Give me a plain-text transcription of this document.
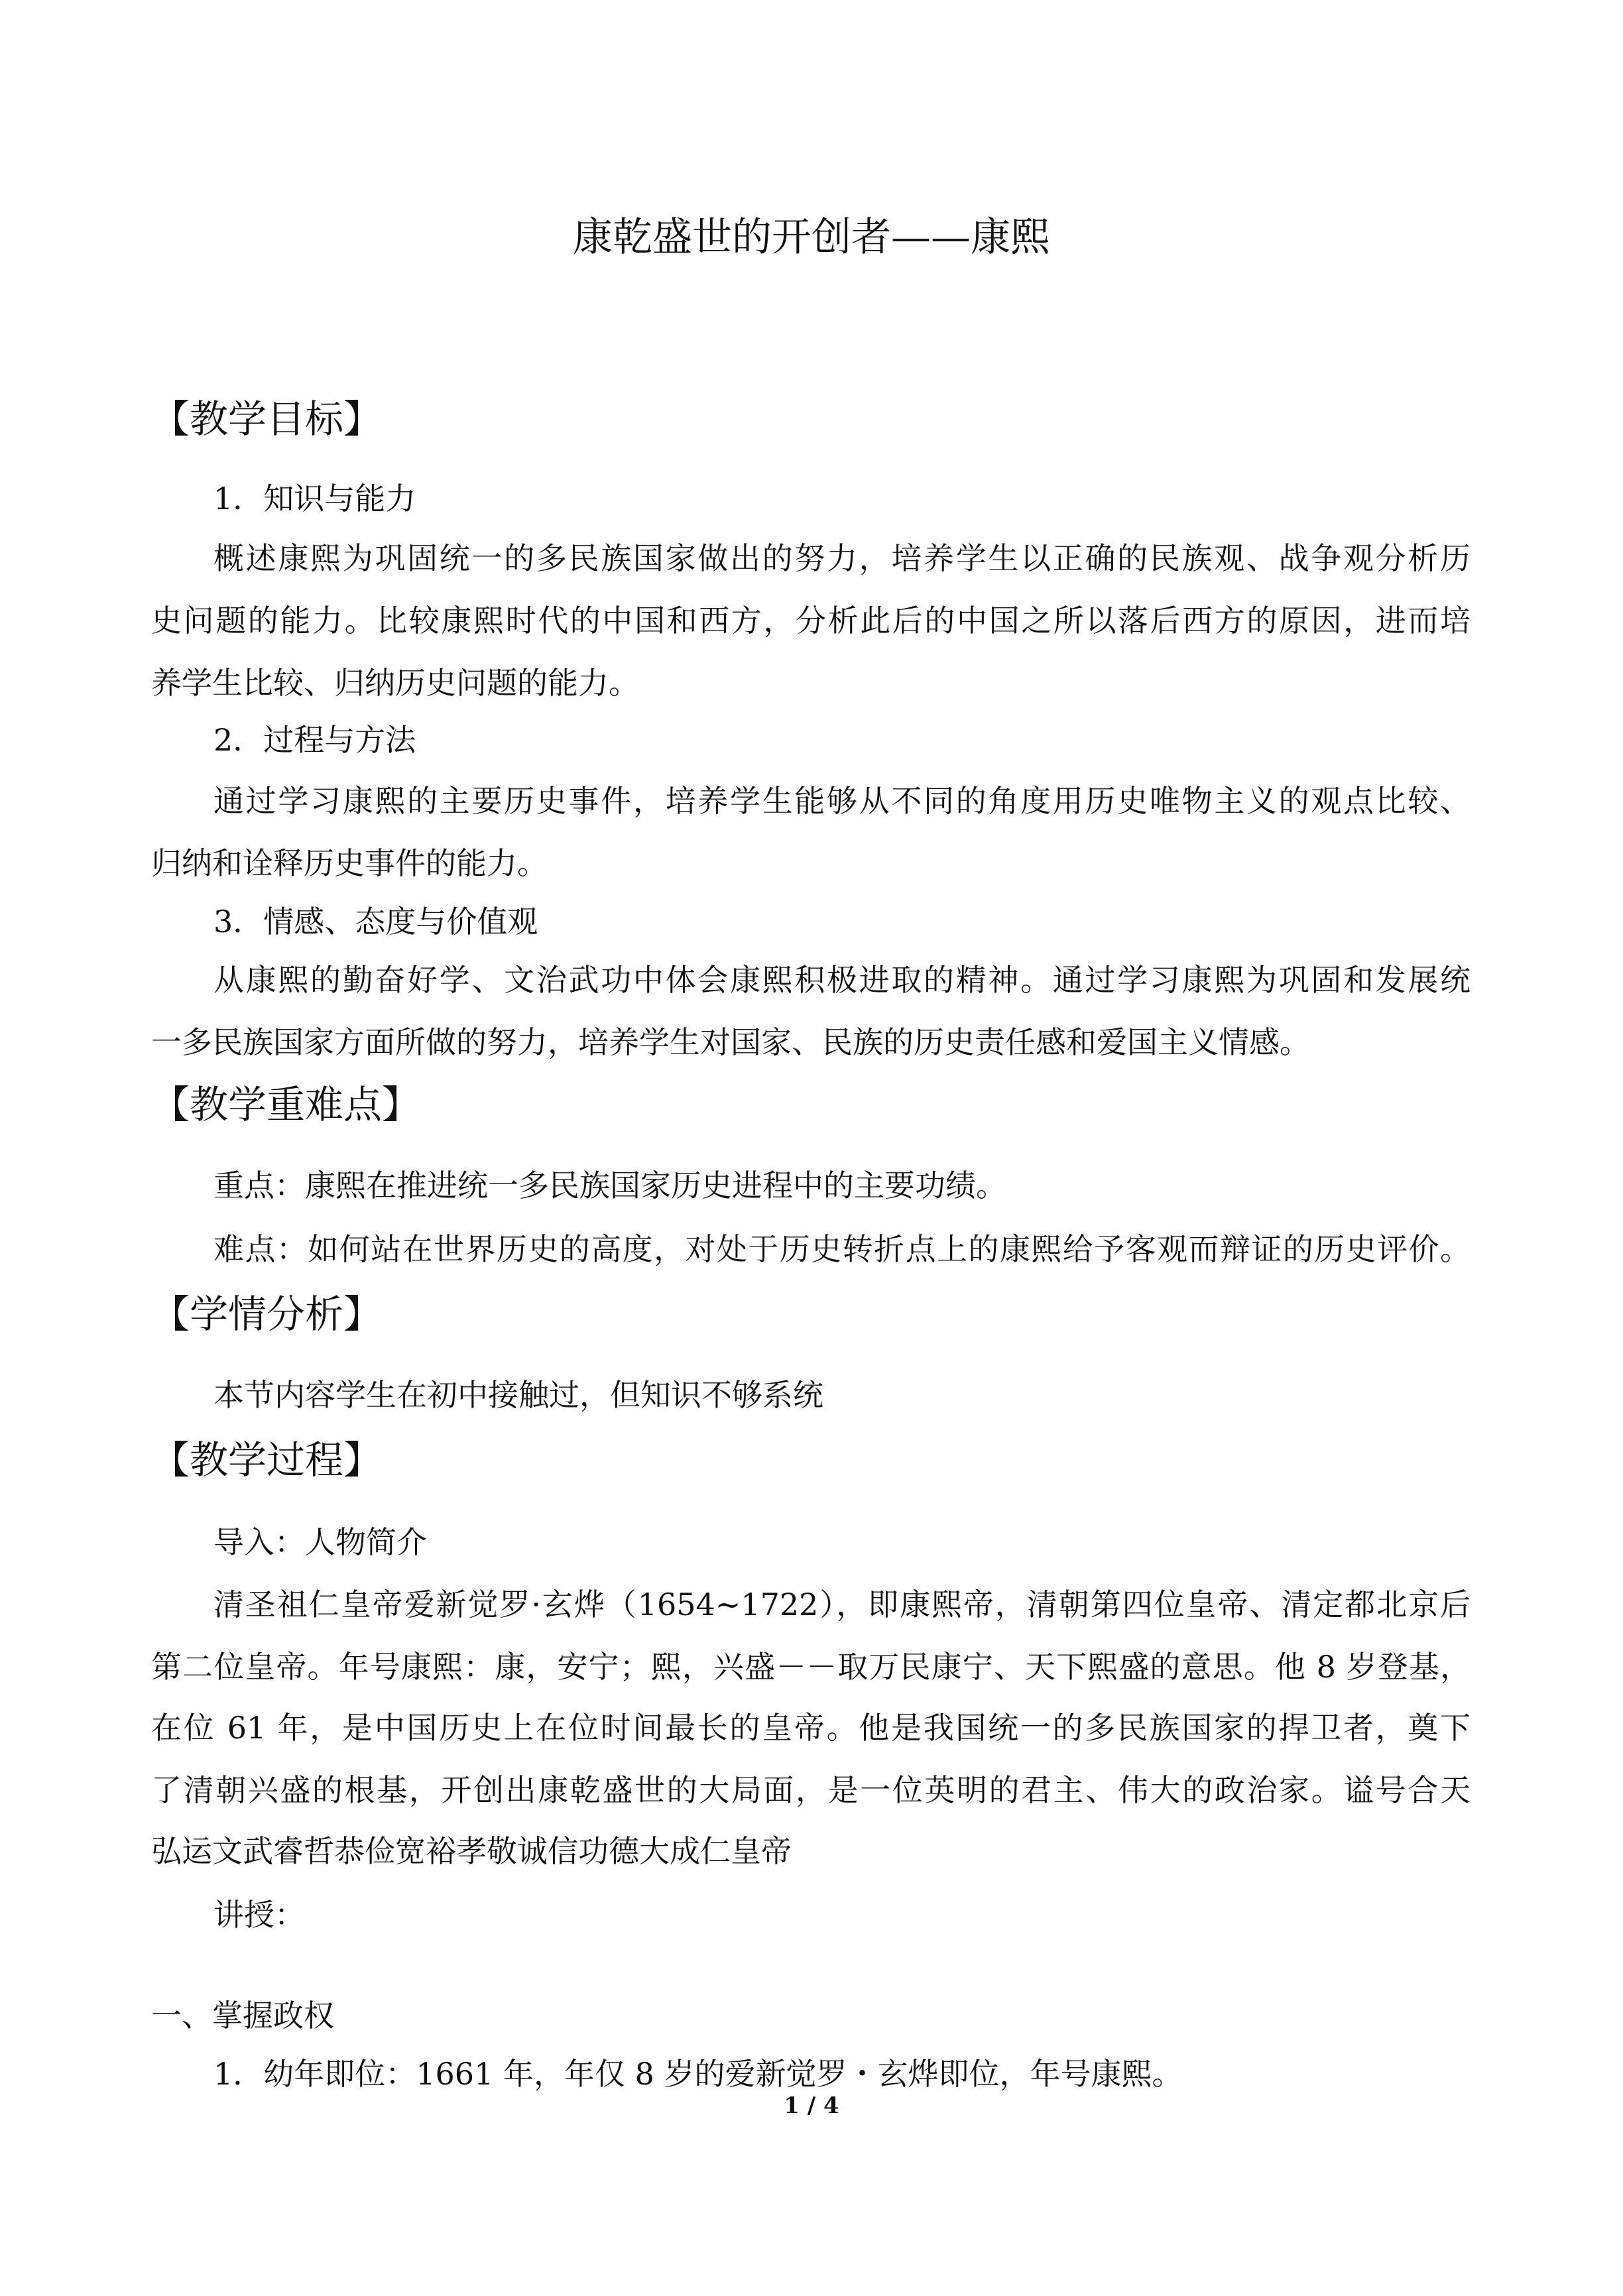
康乾盛世的开创者——康熙
【教学目标】
1．知识与能力
概述康熙为巩固统一的多民族国家做出的努力，培养学生以正确的民族观、战争观分析历
史问题的能力。比较康熙时代的中国和西方，分析此后的中国之所以落后西方的原因，进而培
养学生比较、归纳历史问题的能力。
2．过程与方法
通过学习康熙的主要历史事件，培养学生能够从不同的角度用历史唯物主义的观点比较、
归纳和诠释历史事件的能力。
3．情感、态度与价值观
从康熙的勤奋好学、文治武功中体会康熙积极进取的精神。通过学习康熙为巩固和发展统
一多民族国家方面所做的努力，培养学生对国家、民族的历史责任感和爱国主义情感。
【教学重难点】
重点：康熙在推进统一多民族国家历史进程中的主要功绩。
难点：如何站在世界历史的高度，对处于历史转折点上的康熙给予客观而辩证的历史评价。
【学情分析】
本节内容学生在初中接触过，但知识不够系统
【教学过程】
导入：人物简介
清圣祖仁皇帝爱新觉罗·玄烨（1654~1722），即康熙帝，清朝第四位皇帝、清定都北京后
第二位皇帝。年号康熙：康，安宁；熙，兴盛－－取万民康宁、天下熙盛的意思。他 8 岁登基，
在位 61 年，是中国历史上在位时间最长的皇帝。他是我国统一的多民族国家的捍卫者，奠下
了清朝兴盛的根基，开创出康乾盛世的大局面，是一位英明的君主、伟大的政治家。谥号合天
弘运文武睿哲恭俭宽裕孝敬诚信功德大成仁皇帝
讲授：
一、掌握政权
1．幼年即位：1661 年，年仅 8 岁的爱新觉罗・玄烨即位，年号康熙。
1 / 4
